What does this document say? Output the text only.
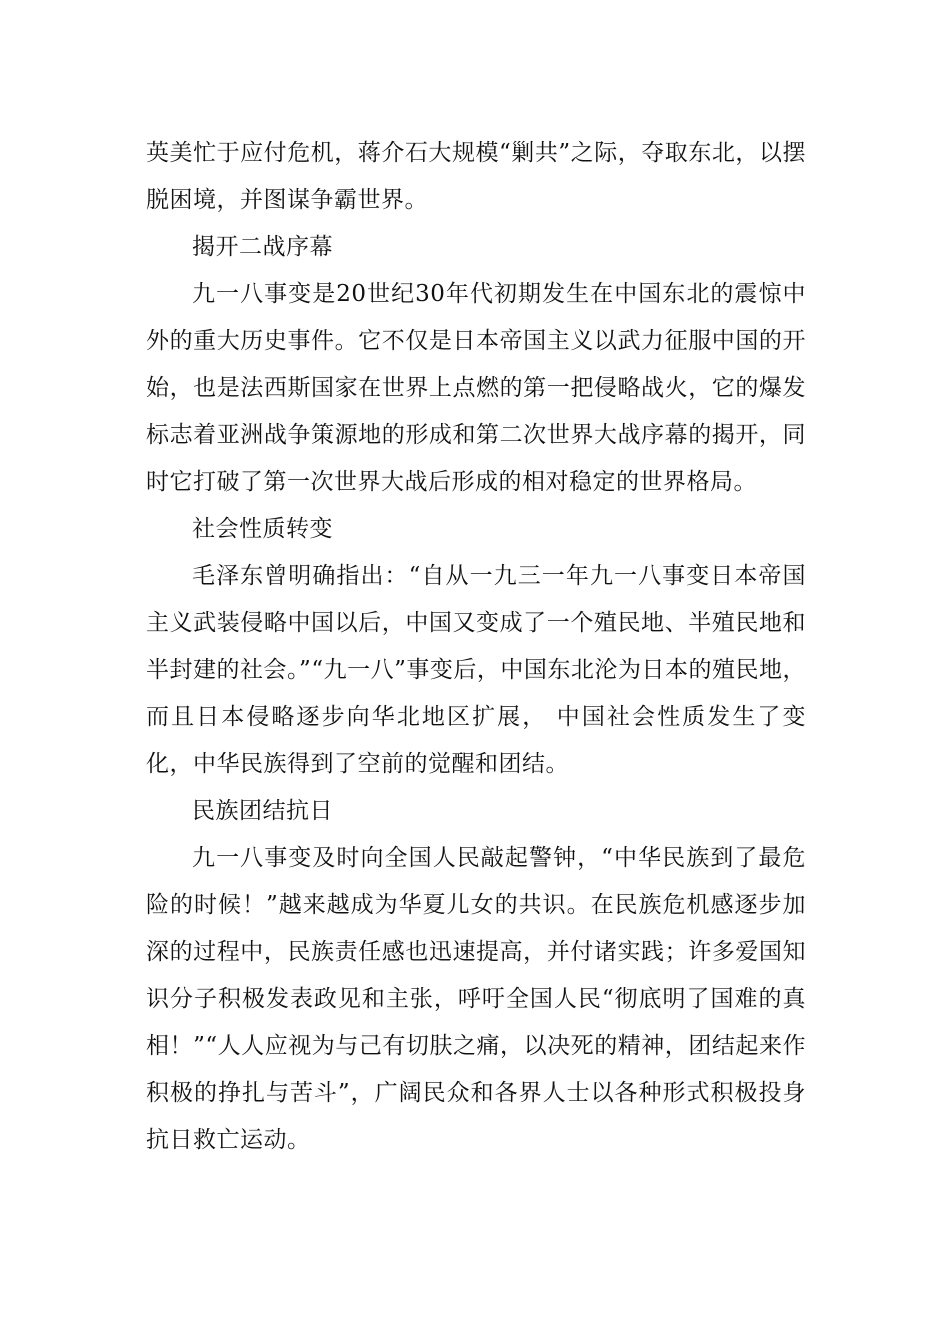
英美忙于应付危机，蒋介石大规模“剿共”之际，夺取东北，以摆脱困境，并图谋争霸世界。

揭开二战序幕

九一八事变是20世纪30年代初期发生在中国东北的震惊中外的重大历史事件。它不仅是日本帝国主义以武力征服中国的开始，也是法西斯国家在世界上点燃的第一把侵略战火，它的爆发标志着亚洲战争策源地的形成和第二次世界大战序幕的揭开，同时它打破了第一次世界大战后形成的相对稳定的世界格局。

社会性质转变

毛泽东曾明确指出：“自从一九三一年九一八事变日本帝国主义武装侵略中国以后，中国又变成了一个殖民地、半殖民地和半封建的社会。”“九一八”事变后，中国东北沦为日本的殖民地，而且日本侵略逐步向华北地区扩展， 中国社会性质发生了变化，中华民族得到了空前的觉醒和团结。

民族团结抗日

九一八事变及时向全国人民敲起警钟，“中华民族到了最危险的时候！”越来越成为华夏儿女的共识。在民族危机感逐步加深的过程中，民族责任感也迅速提高，并付诸实践；许多爱国知识分子积极发表政见和主张，呼吁全国人民“彻底明了国难的真相！”“人人应视为与己有切肤之痛，以决死的精神，团结起来作积极的挣扎与苦斗”，广阔民众和各界人士以各种形式积极投身抗日救亡运动。
